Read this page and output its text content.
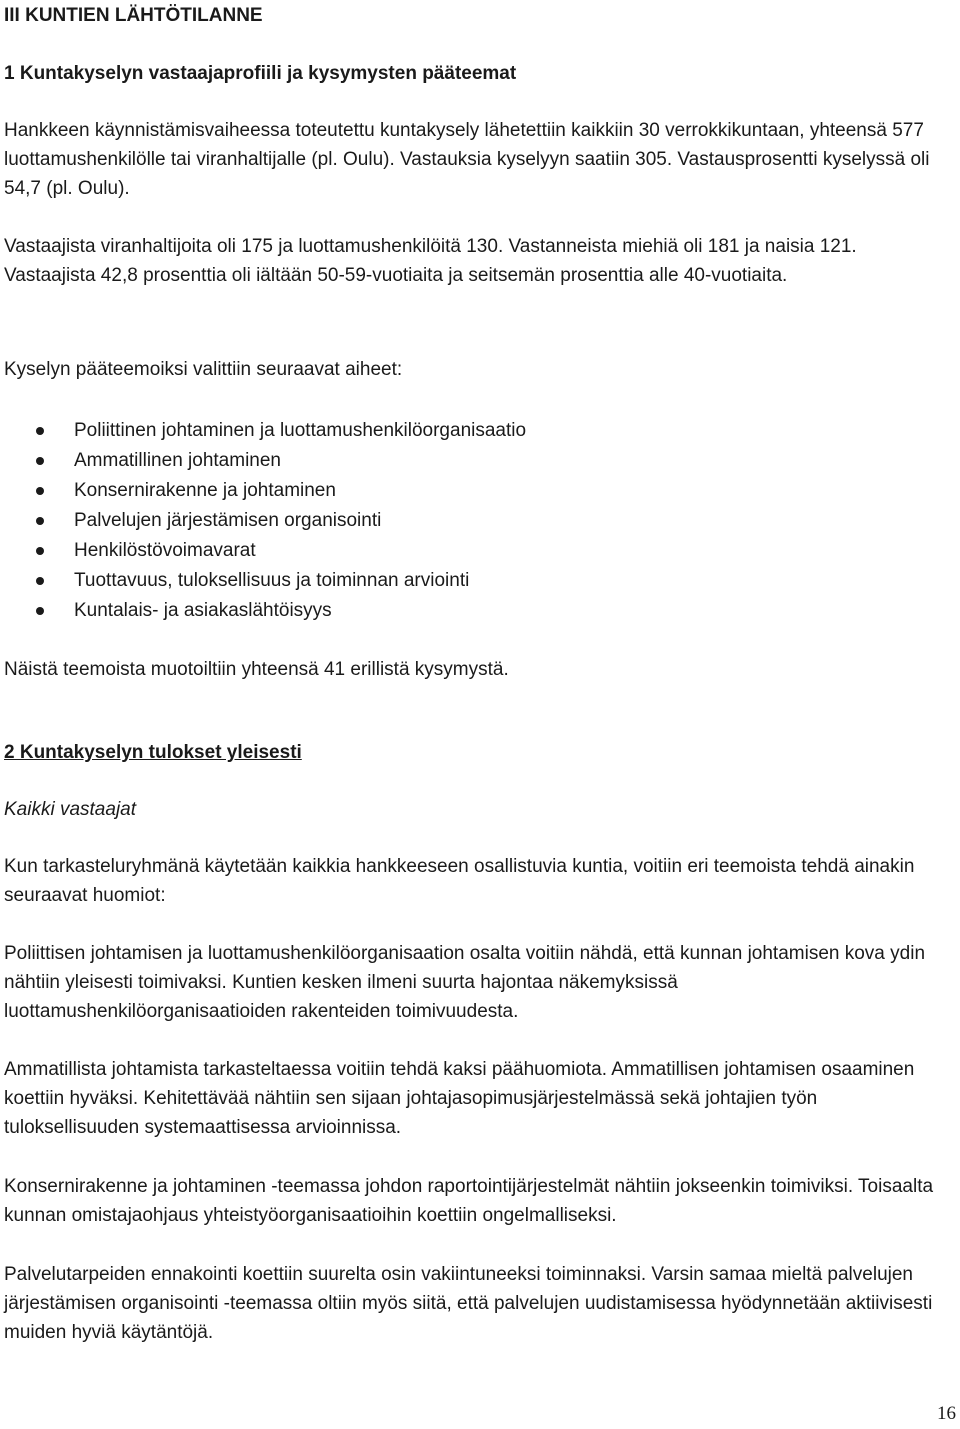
III KUNTIEN LÄHTÖTILANNE
1 Kuntakyselyn vastaajaprofiili ja kysymysten pääteemat

Hankkeen käynnistämisvaiheessa toteutettu kuntakysely lähetettiin kaikkiin 30 verrokkikuntaan, yhteensä 577 luottamushenkilölle tai viranhaltijalle (pl. Oulu). Vastauksia kyselyyn saatiin 305. Vastausprosentti kyselyssä oli 54,7 (pl. Oulu).

Vastaajista viranhaltijoita oli 175 ja luottamushenkilöitä 130. Vastanneista miehiä oli 181 ja naisia 121. Vastaajista 42,8 prosenttia oli iältään 50-59-vuotiaita ja seitsemän prosenttia alle 40-vuotiaita.

Kyselyn pääteemoiksi valittiin seuraavat aiheet:

Poliittinen johtaminen ja luottamushenkilöorganisaatio
Ammatillinen johtaminen
Konsernirakenne ja johtaminen
Palvelujen järjestämisen organisointi
Henkilöstövoimavarat
Tuottavuus, tuloksellisuus ja toiminnan arviointi
Kuntalais- ja asiakaslähtöisyys

Näistä teemoista muotoiltiin yhteensä 41 erillistä kysymystä.

2 Kuntakyselyn tulokset yleisesti

Kaikki vastaajat

Kun tarkasteluryhmänä käytetään kaikkia hankkeeseen osallistuvia kuntia, voitiin eri teemoista tehdä ainakin seuraavat huomiot:

Poliittisen johtamisen ja luottamushenkilöorganisaation osalta voitiin nähdä, että kunnan johtamisen kova ydin nähtiin yleisesti toimivaksi. Kuntien kesken ilmeni suurta hajontaa näkemyksissä luottamushenkilöorganisaatioiden rakenteiden toimivuudesta.

Ammatillista johtamista tarkasteltaessa voitiin tehdä kaksi päähuomiota. Ammatillisen johtamisen osaaminen koettiin hyväksi. Kehitettävää nähtiin sen sijaan johtajasopimusjärjestelmässä sekä johtajien työn tuloksellisuuden systemaattisessa arvioinnissa.

Konsernirakenne ja johtaminen -teemassa johdon raportointijärjestelmät nähtiin jokseenkin toimiviksi. Toisaalta kunnan omistajaohjaus yhteistyöorganisaatioihin koettiin ongelmalliseksi.

Palvelutarpeiden ennakointi koettiin suurelta osin vakiintuneeksi toiminnaksi. Varsin samaa mieltä palvelujen järjestämisen organisointi -teemassa oltiin myös siitä, että palvelujen uudistamisessa hyödynnetään aktiivisesti muiden hyviä käytäntöjä.

16
